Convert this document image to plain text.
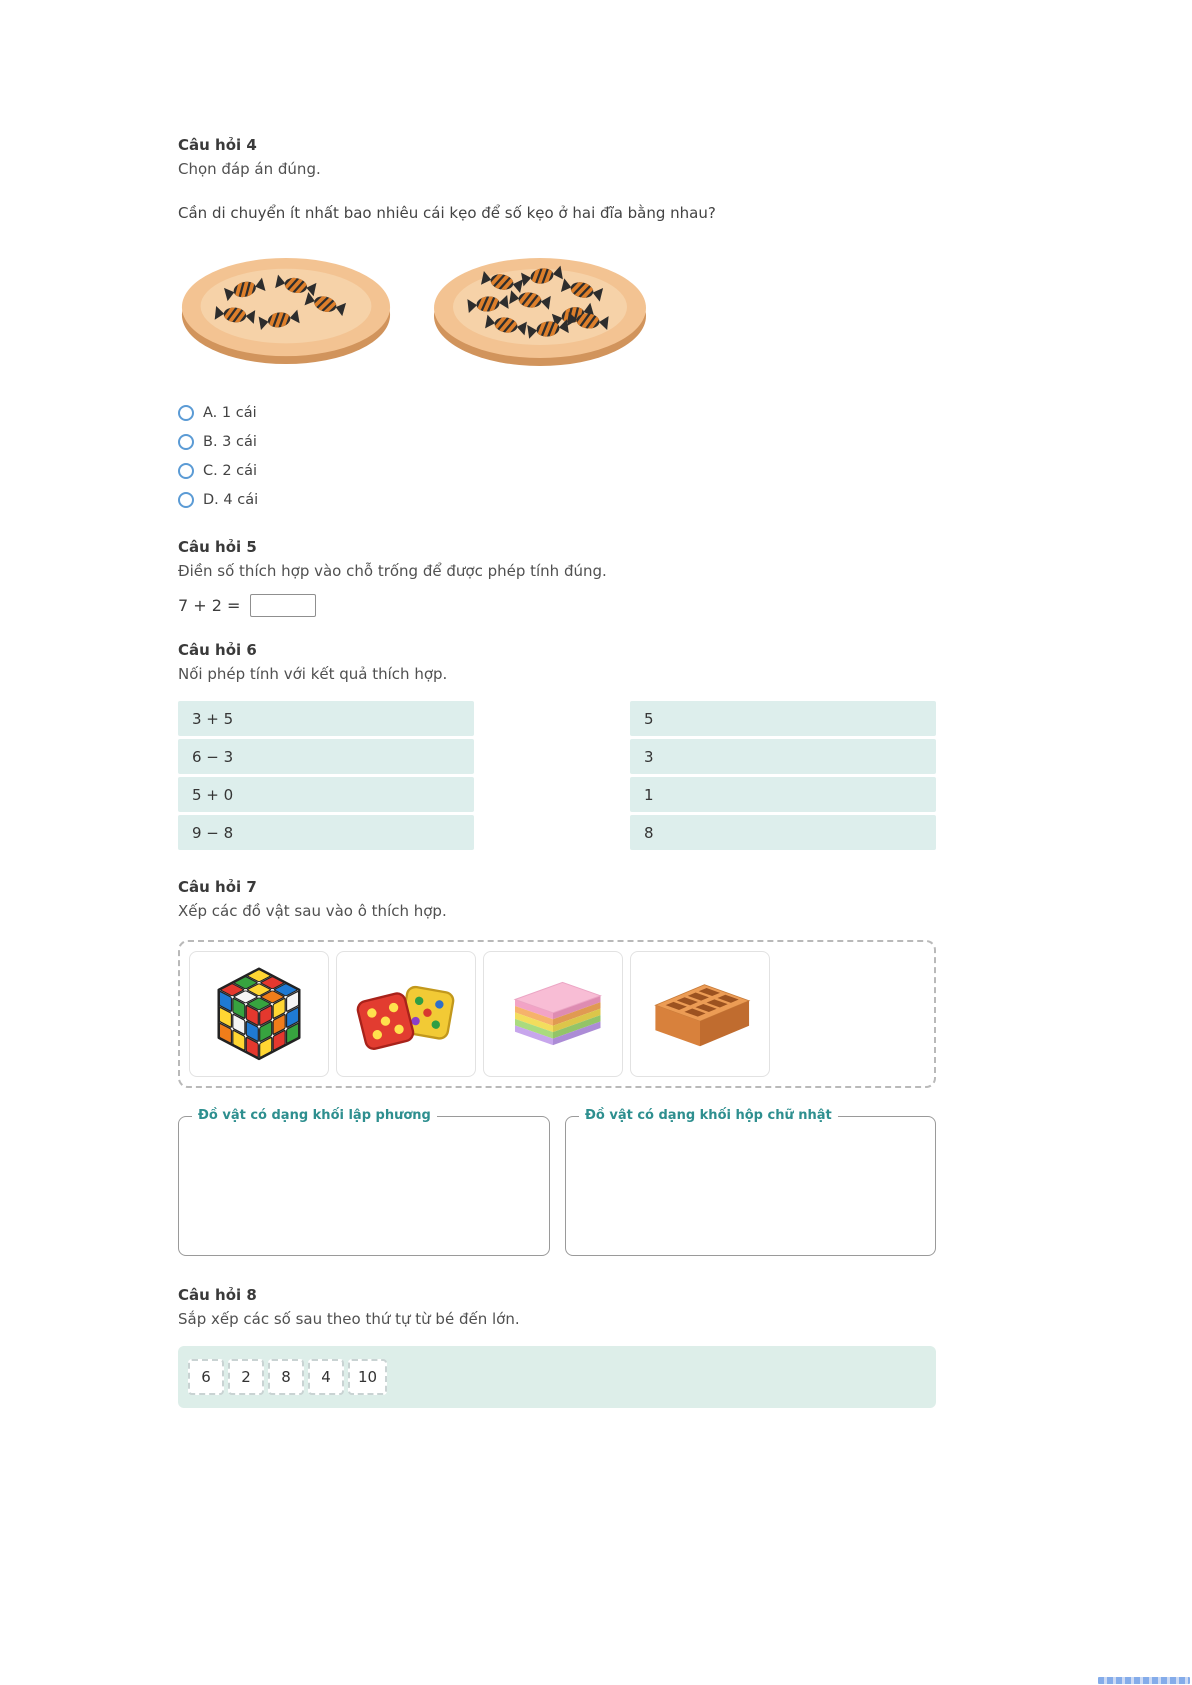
Câu hỏi 4

Chọn đáp án đúng.

Cần di chuyển ít nhất bao nhiêu cái kẹo để số kẹo ở hai đĩa bằng nhau?

A. 1 cái
B. 3 cái
C. 2 cái
D. 4 cái
Câu hỏi 5

Điền số thích hợp vào chỗ trống để được phép tính đúng.

7 + 2 =
Câu hỏi 6

Nối phép tính với kết quả thích hợp.

3 + 5
6 − 3
5 + 0
9 − 8
5
3
1
8
Câu hỏi 7

Xếp các đồ vật sau vào ô thích hợp.

Đồ vật có dạng khối lập phương	Đồ vật có dạng khối hộp chữ nhật
Câu hỏi 8

Sắp xếp các số sau theo thứ tự từ bé đến lớn.

6	2	8	4	10
